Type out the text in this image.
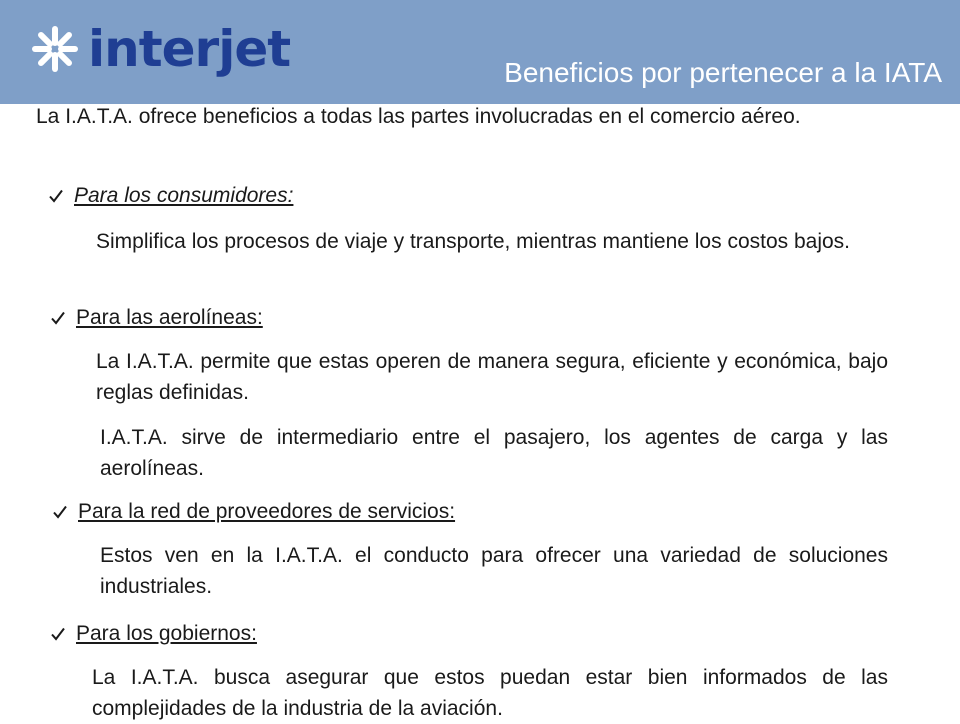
interjet	Beneficios por pertenecer a la IATA
La I.A.T.A. ofrece beneficios a todas las partes involucradas en el comercio aéreo.
Para los consumidores:
Simplifica los procesos de viaje y transporte, mientras mantiene los costos bajos.
Para las aerolíneas:
La I.A.T.A. permite que estas operen de manera segura, eficiente y económica, bajo reglas definidas.
I.A.T.A. sirve de intermediario entre el pasajero, los agentes de carga y las aerolíneas.
Para la red de proveedores de servicios:
Estos ven en la I.A.T.A. el conducto para ofrecer una variedad de soluciones industriales.
Para los gobiernos:
La I.A.T.A. busca asegurar que estos puedan estar bien informados de las complejidades de la industria de la aviación.
